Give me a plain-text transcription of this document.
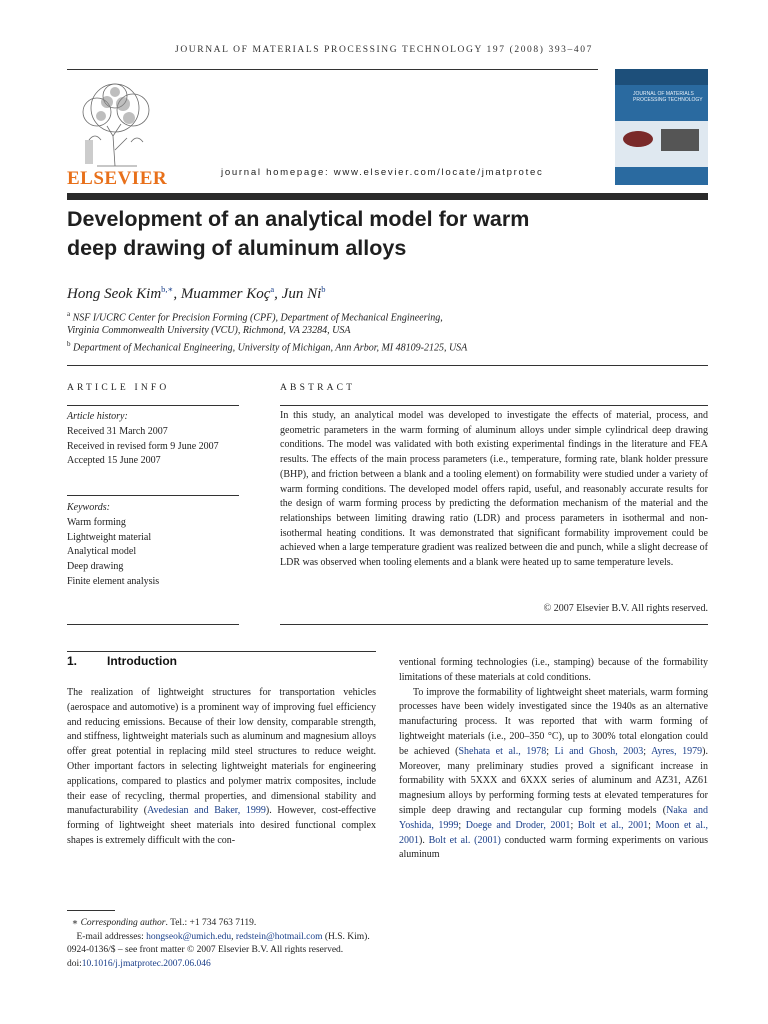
JOURNAL OF MATERIALS PROCESSING TECHNOLOGY 197 (2008) 393–407
ELSEVIER	journal homepage: www.elsevier.com/locate/jmatprotec
JOURNAL OF MATERIALS PROCESSING TECHNOLOGY
Development of an analytical model for warm
deep drawing of aluminum alloys
Hong Seok Kim$^{b,∗}$, Muammer Koç$^a$, Jun Ni$^b$
$^a$ NSF I/UCRC Center for Precision Forming (CPF), Department of Mechanical Engineering,
Virginia Commonwealth University (VCU), Richmond, VA 23284, USA
$^b$ Department of Mechanical Engineering, University of Michigan, Ann Arbor, MI 48109-2125, USA
ARTICLE INFO
Article history:
Received 31 March 2007
Received in revised form 9 June 2007
Accepted 15 June 2007
Keywords:
Warm forming
Lightweight material
Analytical model
Deep drawing
Finite element analysis
ABSTRACT
In this study, an analytical model was developed to investigate the effects of material, process, and geometric parameters in the warm forming of aluminum alloys under simple cylindrical deep drawing conditions. The model was validated with both existing experimental findings in the literature and FEA results. The effects of the main process parameters (i.e., temperature, forming rate, blank holder pressure (BHP), and friction between a blank and a tooling element) on formability were studied under a variety of warm forming conditions. The developed model offers rapid, useful, and reasonably accurate results for the design of warm forming process by predicting the deformation mechanism of the material and the relationships between limiting drawing ratio (LDR) and process parameters in isothermal and non-isothermal heating conditions. It was demonstrated that significant formability improvement could be achieved when a large temperature gradient was realized between die and punch, while a slight decrease of LDR was observed when tooling elements and a blank were heated up to same temperature levels.
© 2007 Elsevier B.V. All rights reserved.
1. Introduction
The realization of lightweight structures for transportation vehicles (aerospace and automotive) is a prominent way of improving fuel efficiency and reducing emissions. Because of their low density, comparable strength, and stiffness, lightweight materials such as aluminum and magnesium alloys offer great potential in replacing mild steel structures to reduce weight. Other important factors in selecting lightweight materials for engineering applications, compared to plastics and polymer matrix composites, include their ease of recycling, thermal properties, and dimensional stability and manufacturability (Avedesian and Baker, 1999). However, cost-effective forming of lightweight sheet materials into desired functional complex shapes is extremely difficult with the con-
ventional forming technologies (i.e., stamping) because of the formability limitations of these materials at cold conditions.
To improve the formability of lightweight sheet materials, warm forming processes have been widely investigated since the 1940s as an alternative manufacturing process. It was reported that with warm forming of lightweight materials (i.e., 200–350 °C), up to 300% total elongation could be achieved (Shehata et al., 1978; Li and Ghosh, 2003; Ayres, 1979). Moreover, many preliminary studies proved a significant increase in formability with 5XXX and 6XXX series of aluminum and AZ31, AZ61 magnesium alloys by performing forming tests at elevated temperatures for simple deep drawing and rectangular cup forming models (Naka and Yoshida, 1999; Doege and Droder, 2001; Bolt et al., 2001; Moon et al., 2001). Bolt et al. (2001) conducted warm forming experiments on various aluminum
∗ Corresponding author. Tel.: +1 734 763 7119.
E-mail addresses: hongseok@umich.edu, redstein@hotmail.com (H.S. Kim).
0924-0136/$ – see front matter © 2007 Elsevier B.V. All rights reserved.
doi:10.1016/j.jmatprotec.2007.06.046
